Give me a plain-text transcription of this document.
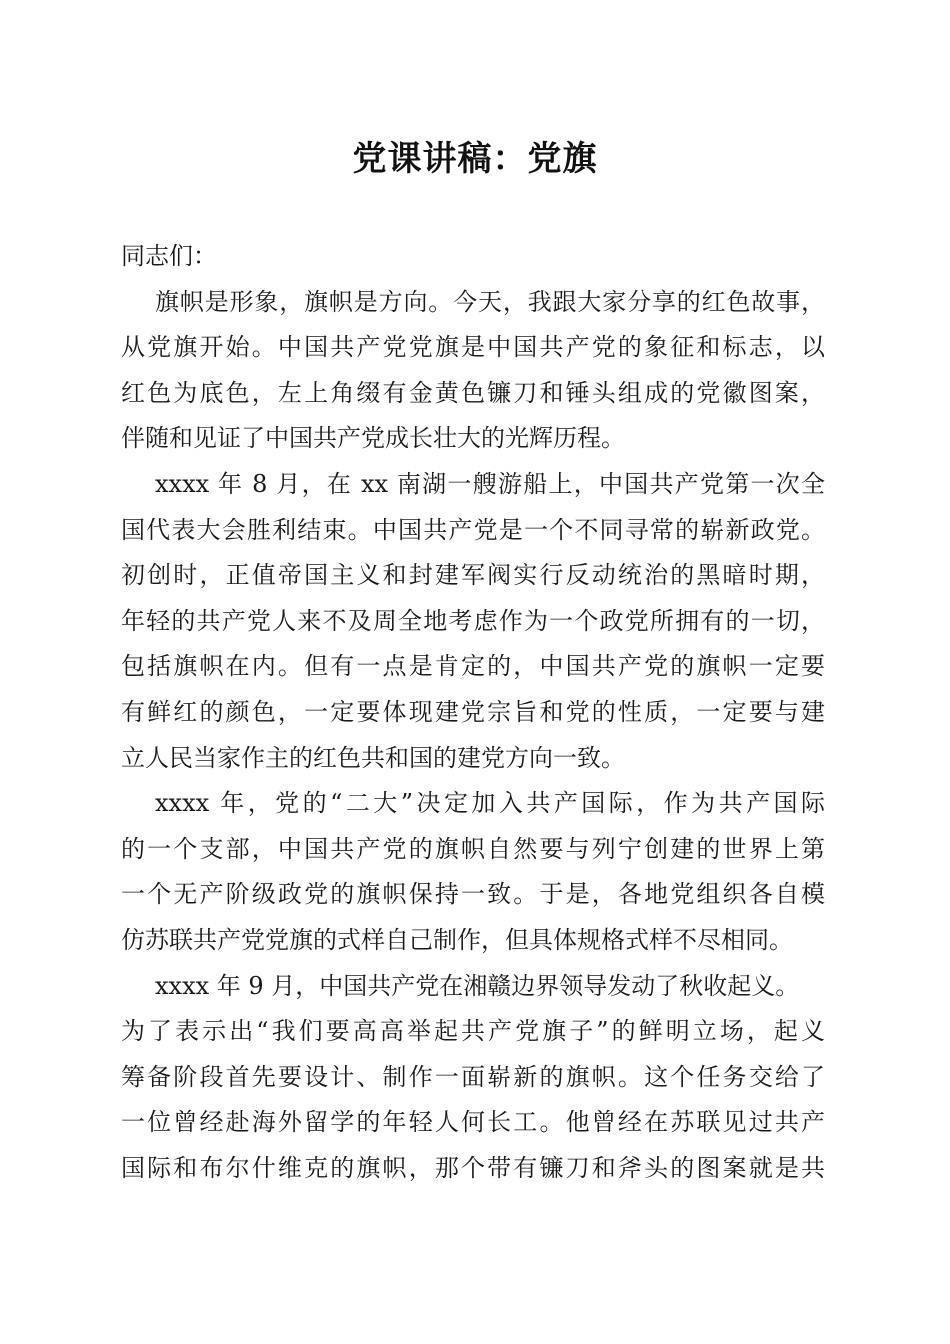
党课讲稿：党旗

同志们：

旗帜是形象，旗帜是方向。今天，我跟大家分享的红色故事，
从党旗开始。中国共产党党旗是中国共产党的象征和标志，以
红色为底色，左上角缀有金黄色镰刀和锤头组成的党徽图案，
伴随和见证了中国共产党成长壮大的光辉历程。

xxxx 年 8 月，在 xx 南湖一艘游船上，中国共产党第一次全
国代表大会胜利结束。中国共产党是一个不同寻常的崭新政党。
初创时，正值帝国主义和封建军阀实行反动统治的黑暗时期，
年轻的共产党人来不及周全地考虑作为一个政党所拥有的一切，
包括旗帜在内。但有一点是肯定的，中国共产党的旗帜一定要
有鲜红的颜色，一定要体现建党宗旨和党的性质，一定要与建
立人民当家作主的红色共和国的建党方向一致。

xxxx 年，党的“二大”决定加入共产国际，作为共产国际
的一个支部，中国共产党的旗帜自然要与列宁创建的世界上第
一个无产阶级政党的旗帜保持一致。于是，各地党组织各自模
仿苏联共产党党旗的式样自己制作，但具体规格式样不尽相同。

xxxx 年 9 月，中国共产党在湘赣边界领导发动了秋收起义。
为了表示出“我们要高高举起共产党旗子”的鲜明立场，起义
筹备阶段首先要设计、制作一面崭新的旗帜。这个任务交给了
一位曾经赴海外留学的年轻人何长工。他曾经在苏联见过共产
国际和布尔什维克的旗帜，那个带有镰刀和斧头的图案就是共
